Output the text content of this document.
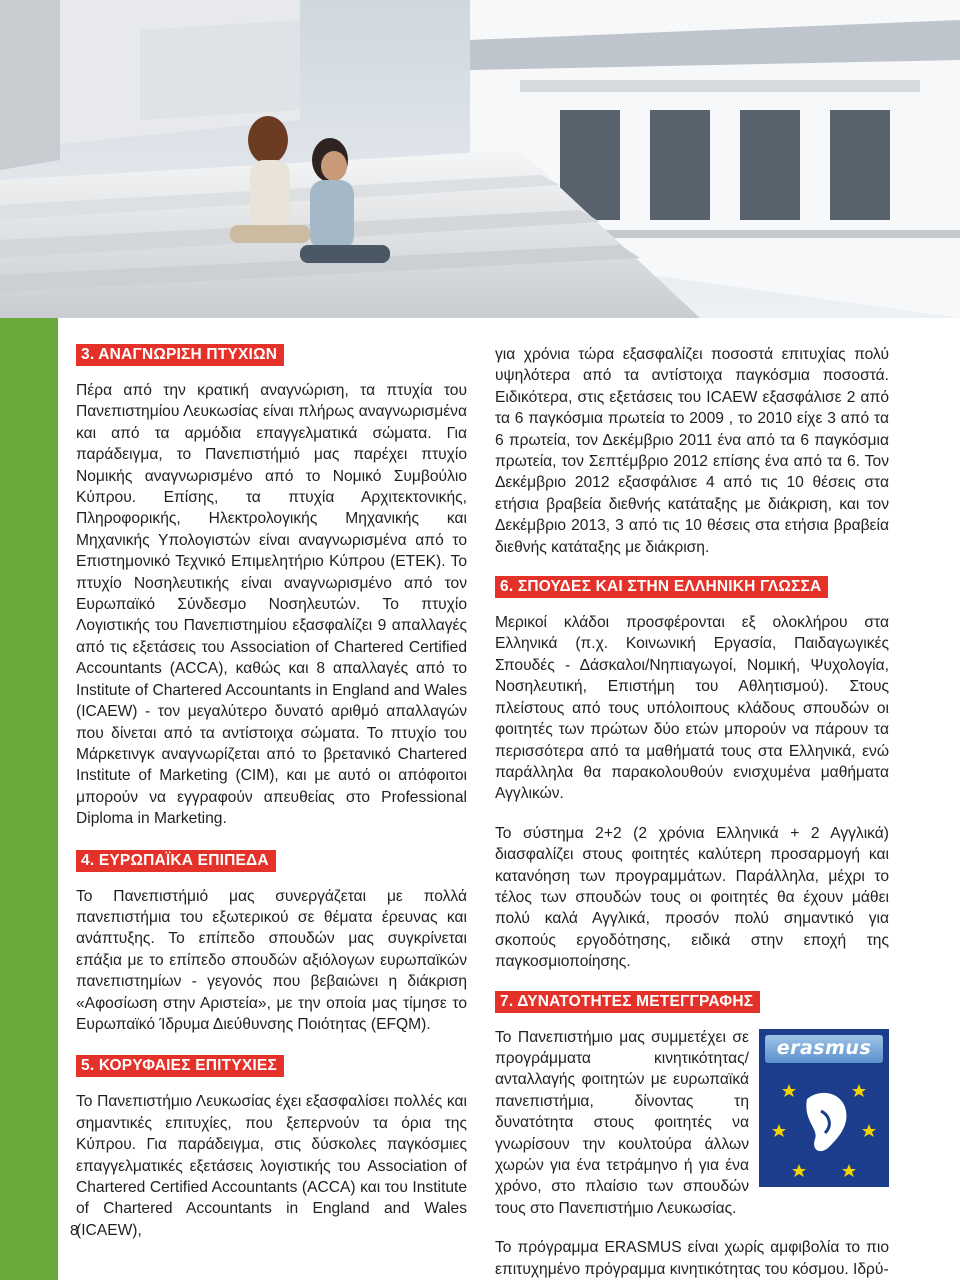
8
3. ΑΝΑΓΝΩΡΙΣΗ ΠΤΥΧΙΩΝ

Πέρα από την κρατική αναγνώριση, τα πτυχία του Πανεπιστημίου Λευκωσίας είναι πλήρως αναγνωρισμένα και από τα αρμόδια επαγγελματικά σώματα. Για παράδειγμα, το Πανεπιστήμιό μας παρέχει πτυχίο Νομικής αναγνωρισμένο από το Νομικό Συμβούλιο Κύπρου. Επίσης, τα πτυχία Αρχιτεκτονικής, Πληροφορικής, Ηλεκτρολογικής Μηχανικής και Μηχανικής Υπολογιστών είναι αναγνωρισμένα από το Επιστημονικό Τεχνικό Επιμελητήριο Κύπρου (ΕΤΕΚ). Το πτυχίο Νοσηλευτικής είναι αναγνωρισμένο από τον Ευρωπαϊκό Σύνδεσμο Νοσηλευτών. Το πτυχίο Λογιστικής του Πανεπιστημίου εξασφαλίζει 9 απαλλαγές από τις εξετάσεις του Association of Chartered Certified Accountants (ACCA), καθώς και 8 απαλλαγές από το Institute of Chartered Accountants in England and Wales (ICAEW) - τον μεγαλύτερο δυνατό αριθμό απαλλαγών που δίνεται από τα αντίστοιχα σώματα. Το πτυχίο του Μάρκετινγκ αναγνωρίζεται από το βρετανικό Chartered Institute of Marketing (CIM), και με αυτό οι απόφοιτοι μπορούν να εγγραφούν απευθείας στο Professional Diploma in Marketing.

4. ΕΥΡΩΠΑΪΚΑ ΕΠΙΠΕΔΑ

Το Πανεπιστήμιό μας συνεργάζεται με πολλά πανεπιστήμια του εξωτερικού σε θέματα έρευνας και ανάπτυξης. Το επίπεδο σπουδών μας συγκρίνεται επάξια με το επίπεδο σπουδών αξιόλογων ευρωπαϊκών πανεπιστημίων - γεγονός που βεβαιώνει η διάκριση «Αφοσίωση στην Αριστεία», με την οποία μας τίμησε το Ευρωπαϊκό Ίδρυμα Διεύθυνσης Ποιότητας (EFQM).

5. ΚΟΡΥΦΑΙΕΣ ΕΠΙΤΥΧΙΕΣ

Το Πανεπιστήμιο Λευκωσίας έχει εξασφαλίσει πολλές και σημαντικές επιτυχίες, που ξεπερνούν τα όρια της Κύπρου. Για παράδειγμα, στις δύσκολες παγκόσμιες επαγγελματικές εξετάσεις λογιστικής του Association of Chartered Certified Accountants (ACCA) και του Institute of Chartered Accountants in England and Wales (ICAEW),

για χρόνια τώρα εξασφαλίζει ποσοστά επιτυχίας πολύ υψηλότερα από τα αντίστοιχα παγκόσμια ποσοστά. Ειδικότερα, στις εξετάσεις του ICAEW εξασφάλισε 2 από τα 6 παγκόσμια πρωτεία το 2009 , το 2010 είχε 3 από τα 6 πρωτεία, τον Δεκέμβριο 2011 ένα από τα 6 παγκόσμια πρωτεία, τον Σεπτέμβριο 2012 επίσης ένα από τα 6. Τον Δεκέμβριο 2012 εξασφάλισε 4 από τις 10 θέσεις στα ετήσια βραβεία διεθνής κατάταξης με διάκριση, και τον Δεκέμβριο 2013, 3 από τις 10 θέσεις στα ετήσια βραβεία διεθνής κατάταξης με διάκριση.

6. ΣΠΟΥΔΕΣ ΚΑΙ ΣΤΗΝ ΕΛΛΗΝΙΚΗ ΓΛΩΣΣΑ

Μερικοί κλάδοι προσφέρονται εξ ολοκλήρου στα Ελληνικά (π.χ. Κοινωνική Εργασία, Παιδαγωγικές Σπουδές - Δάσκαλοι/Νηπιαγωγοί, Νομική, Ψυχολογία, Νοσηλευτική, Επιστήμη του Αθλητισμού). Στους πλείστους από τους υπόλοιπους κλάδους σπουδών οι φοιτητές των πρώτων δύο ετών μπορούν να πάρουν τα περισσότερα από τα μαθήματά τους στα Ελληνικά, ενώ παράλληλα θα παρακολουθούν ενισχυμένα μαθήματα Αγγλικών.

Το σύστημα 2+2 (2 χρόνια Ελληνικά + 2 Αγγλικά) διασφαλίζει στους φοιτητές καλύτερη προσαρμογή και κατανόηση των προγραμμάτων. Παράλληλα, μέχρι το τέλος των σπουδών τους οι φοιτητές θα έχουν μάθει πολύ καλά Αγγλικά, προσόν πολύ σημαντικό για σκοπούς εργοδότησης, ειδικά στην εποχή της παγκοσμιοποίησης.

7. ΔΥΝΑΤΟΤΗΤΕΣ ΜΕΤΕΓΓΡΑΦΗΣ
erasmus

Το Πανεπιστήμιο μας συμμετέχει σε προγράμματα κινητικότητας/ανταλλαγής φοιτητών με ευρωπαϊκά πανεπιστήμια, δίνοντας τη δυνατότητα στους φοιτητές να γνωρίσουν την κουλτούρα άλλων χωρών για ένα τετράμηνο ή για ένα χρόνο, στο πλαίσιο των σπουδών τους στο Πανεπιστήμιο Λευκωσίας.

Το πρόγραμμα ERASMUS είναι χωρίς αμφιβολία το πιο επιτυχημένο πρόγραμμα κινητικότητας του κόσμου. Ιδρύ-
